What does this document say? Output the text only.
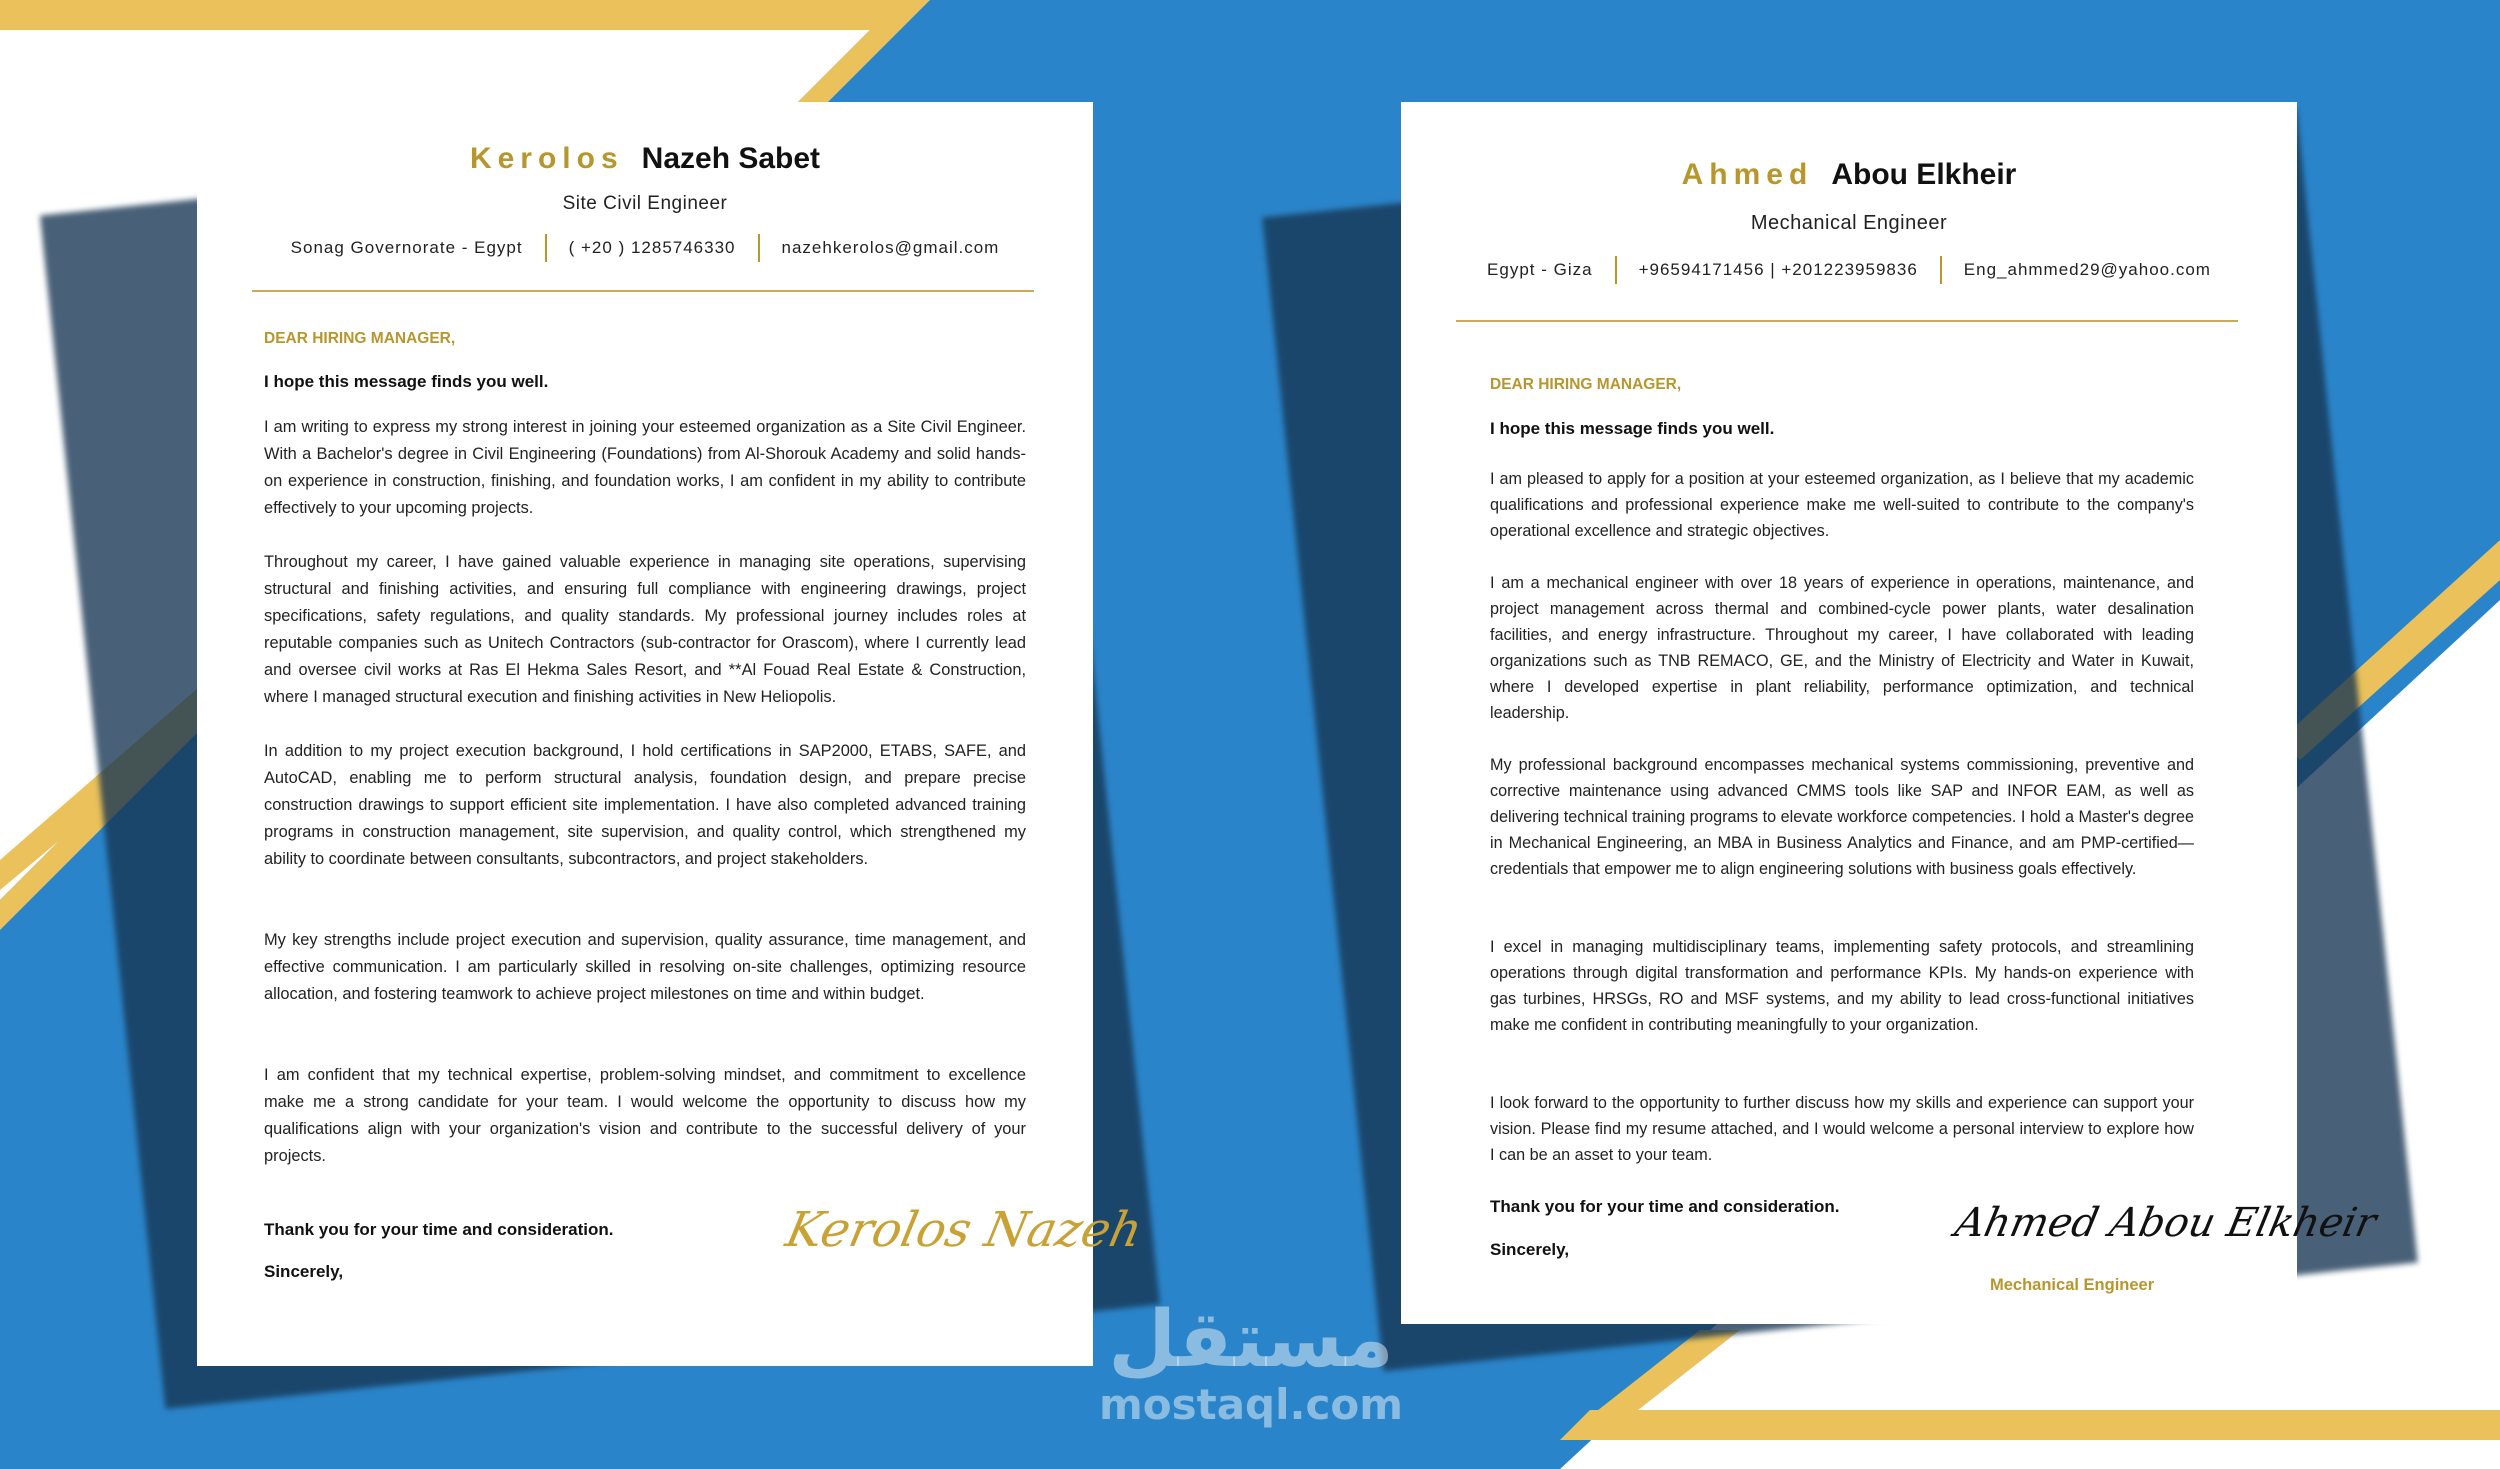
Kerolos Nazeh Sabet
Site Civil Engineer
Sonag Governorate - Egypt	( +20 ) 1285746330	nazehkerolos@gmail.com
DEAR HIRING MANAGER,
I hope this message finds you well.
I am writing to express my strong interest in joining your esteemed organization as a Site Civil Engineer. With a Bachelor's degree in Civil Engineering (Foundations) from Al-Shorouk Academy and solid hands-on experience in construction, finishing, and foundation works, I am confident in my ability to contribute effectively to your upcoming projects.
Throughout my career, I have gained valuable experience in managing site operations, supervising structural and finishing activities, and ensuring full compliance with engineering drawings, project specifications, safety regulations, and quality standards. My professional journey includes roles at reputable companies such as Unitech Contractors (sub-contractor for Orascom), where I currently lead and oversee civil works at Ras El Hekma Sales Resort, and **Al Fouad Real Estate & Construction, where I managed structural execution and finishing activities in New Heliopolis.
In addition to my project execution background, I hold certifications in SAP2000, ETABS, SAFE, and AutoCAD, enabling me to perform structural analysis, foundation design, and prepare precise construction drawings to support efficient site implementation. I have also completed advanced training programs in construction management, site supervision, and quality control, which strengthened my ability to coordinate between consultants, subcontractors, and project stakeholders.
My key strengths include project execution and supervision, quality assurance, time management, and effective communication. I am particularly skilled in resolving on-site challenges, optimizing resource allocation, and fostering teamwork to achieve project milestones on time and within budget.
I am confident that my technical expertise, problem-solving mindset, and commitment to excellence make me a strong candidate for your team. I would welcome the opportunity to discuss how my qualifications align with your organization's vision and contribute to the successful delivery of your projects.
Thank you for your time and consideration.
Sincerely,
Kerolos Nazeh
Ahmed Abou Elkheir
Mechanical Engineer
Egypt - Giza	+96594171456 | +201223959836	Eng_ahmmed29@yahoo.com
DEAR HIRING MANAGER,
I hope this message finds you well.
I am pleased to apply for a position at your esteemed organization, as I believe that my academic qualifications and professional experience make me well-suited to contribute to the company's operational excellence and strategic objectives.
I am a mechanical engineer with over 18 years of experience in operations, maintenance, and project management across thermal and combined-cycle power plants, water desalination facilities, and energy infrastructure. Throughout my career, I have collaborated with leading organizations such as TNB REMACO, GE, and the Ministry of Electricity and Water in Kuwait, where I developed expertise in plant reliability, performance optimization, and technical leadership.
My professional background encompasses mechanical systems commissioning, preventive and corrective maintenance using advanced CMMS tools like SAP and INFOR EAM, as well as delivering technical training programs to elevate workforce competencies. I hold a Master's degree in Mechanical Engineering, an MBA in Business Analytics and Finance, and am PMP-certified—credentials that empower me to align engineering solutions with business goals effectively.
I excel in managing multidisciplinary teams, implementing safety protocols, and streamlining operations through digital transformation and performance KPIs. My hands-on experience with gas turbines, HRSGs, RO and MSF systems, and my ability to lead cross-functional initiatives make me confident in contributing meaningfully to your organization.
I look forward to the opportunity to further discuss how my skills and experience can support your vision. Please find my resume attached, and I would welcome a personal interview to explore how I can be an asset to your team.
Thank you for your time and consideration.
Sincerely,
Ahmed Abou Elkheir
Mechanical Engineer
مستقل
mostaql.com
